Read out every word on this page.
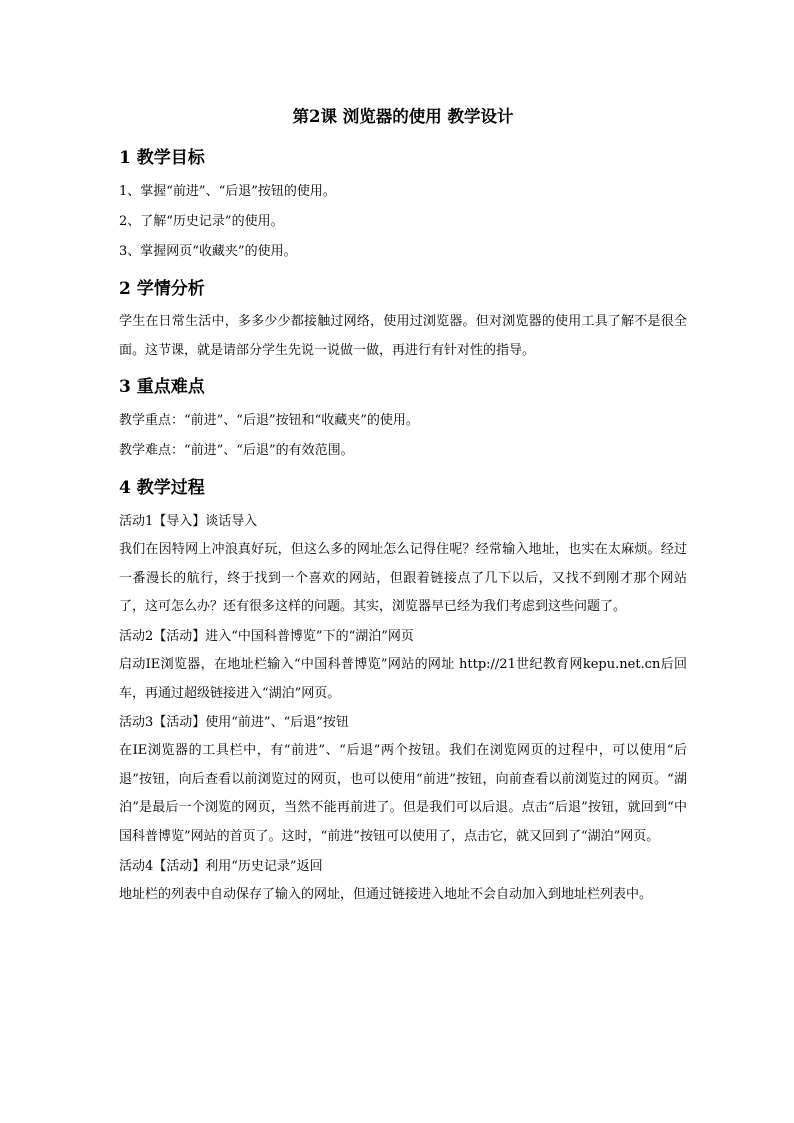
第2课 浏览器的使用 教学设计
1 教学目标
1、掌握“前进”、“后退”按钮的使用。
2、了解“历史记录”的使用。
3、掌握网页“收藏夹”的使用。
2 学情分析
学生在日常生活中，多多少少都接触过网络，使用过浏览器。但对浏览器的使用工具了解不是很全面。这节课，就是请部分学生先说一说做一做，再进行有针对性的指导。
3 重点难点
教学重点：“前进”、“后退”按钮和“收藏夹”的使用。
教学难点：“前进”、“后退”的有效范围。
4 教学过程
活动1【导入】谈话导入
我们在因特网上冲浪真好玩，但这么多的网址怎么记得住呢？经常输入地址，也实在太麻烦。经过一番漫长的航行，终于找到一个喜欢的网站，但跟着链接点了几下以后，又找不到刚才那个网站了，这可怎么办？还有很多这样的问题。其实，浏览器早已经为我们考虑到这些问题了。
活动2【活动】进入“中国科普博览”下的“湖泊”网页
启动IE浏览器，在地址栏输入“中国科普博览”网站的网址 http://21世纪教育网kepu.net.cn后回车，再通过超级链接进入“湖泊”网页。
活动3【活动】使用“前进”、“后退”按钮
在IE浏览器的工具栏中，有“前进”、“后退”两个按钮。我们在浏览网页的过程中，可以使用“后退”按钮，向后查看以前浏览过的网页，也可以使用“前进”按钮，向前查看以前浏览过的网页。“湖泊”是最后一个浏览的网页，当然不能再前进了。但是我们可以后退。点击“后退”按钮，就回到“中国科普博览”网站的首页了。这时，“前进”按钮可以使用了，点击它，就又回到了“湖泊”网页。
活动4【活动】利用“历史记录”返回
地址栏的列表中自动保存了输入的网址，但通过链接进入地址不会自动加入到地址栏列表中。
